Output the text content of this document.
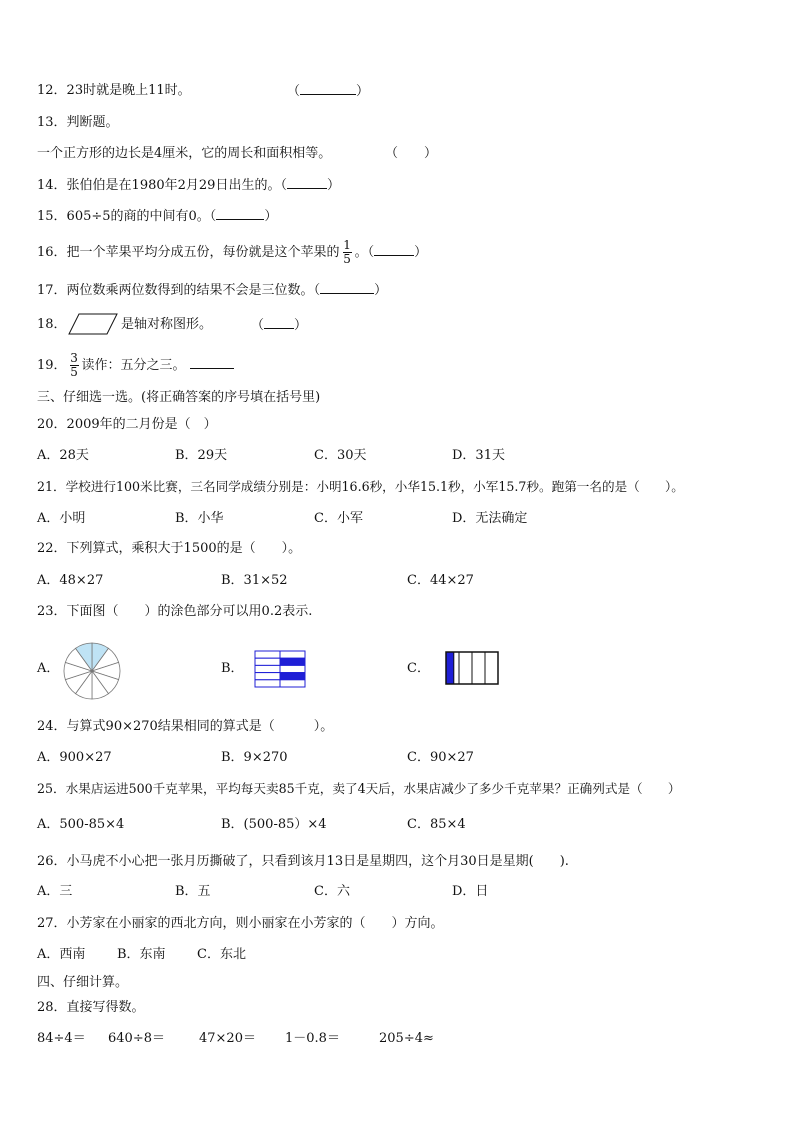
12．23时就是晚上11时。	（	）
13．判断题。
一个正方形的边长是4厘米，它的周长和面积相等。	（　　）
14．张伯伯是在1980年2月29日出生的。（	）
15．605÷5的商的中间有0。（	）
16．把一个苹果平均分成五份，每份就是这个苹果的 $\frac{1}{5}$ 。（	）
17．两位数乘两位数得到的结果不会是三位数。（	）
18．	是轴对称图形。	（ ）
19． $\frac{3}{5}$ 读作：五分之三。
三、仔细选一选。(将正确答案的序号填在括号里)
20．2009年的二月份是（　）
A．28天	B．29天	C．30天	D．31天
21．学校进行100米比赛，三名同学成绩分别是：小明16.6秒，小华15.1秒，小军15.7秒。跑第一名的是（　　）。
A．小明	B．小华	C．小军	D．无法确定
22．下列算式，乘积大于1500的是（　　）。
A．48×27	B．31×52	C．44×27
23．下面图（　　）的涂色部分可以用0.2表示.
A．	B．	C．
24．与算式90×270结果相同的算式是（　　　）。
A．900×27	B．9×270	C．90×27
25．水果店运进500千克苹果，平均每天卖85千克，卖了4天后，水果店减少了多少千克苹果？正确列式是（　　）
A．500-85×4	B．(500-85）×4	C．85×4
26．小马虎不小心把一张月历撕破了，只看到该月13日是星期四，这个月30日是星期(　　).
A．三	B．五	C．六	D．日
27．小芳家在小丽家的西北方向，则小丽家在小芳家的（　　）方向。
A．西南 B．东南 C．东北
四、仔细计算。
28．直接写得数。
84÷4＝ 640÷8＝	47×20＝ 1－0.8＝	205÷4≈
